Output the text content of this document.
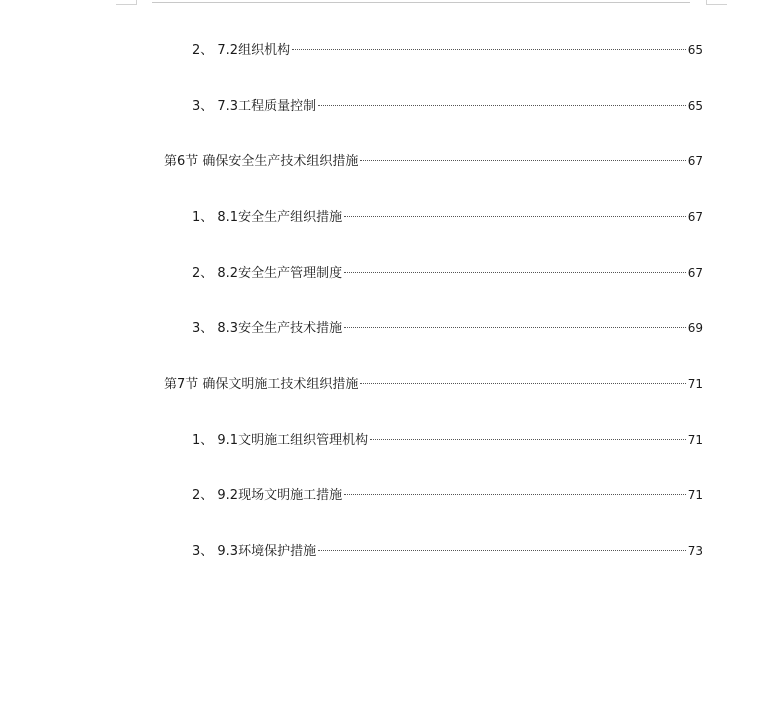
2、 7.2组织机构	65
3、 7.3工程质量控制	65
第6节 确保安全生产技术组织措施	67
1、 8.1安全生产组织措施	67
2、 8.2安全生产管理制度	67
3、 8.3安全生产技术措施	69
第7节 确保文明施工技术组织措施	71
1、 9.1文明施工组织管理机构	71
2、 9.2现场文明施工措施	71
3、 9.3环境保护措施	73
